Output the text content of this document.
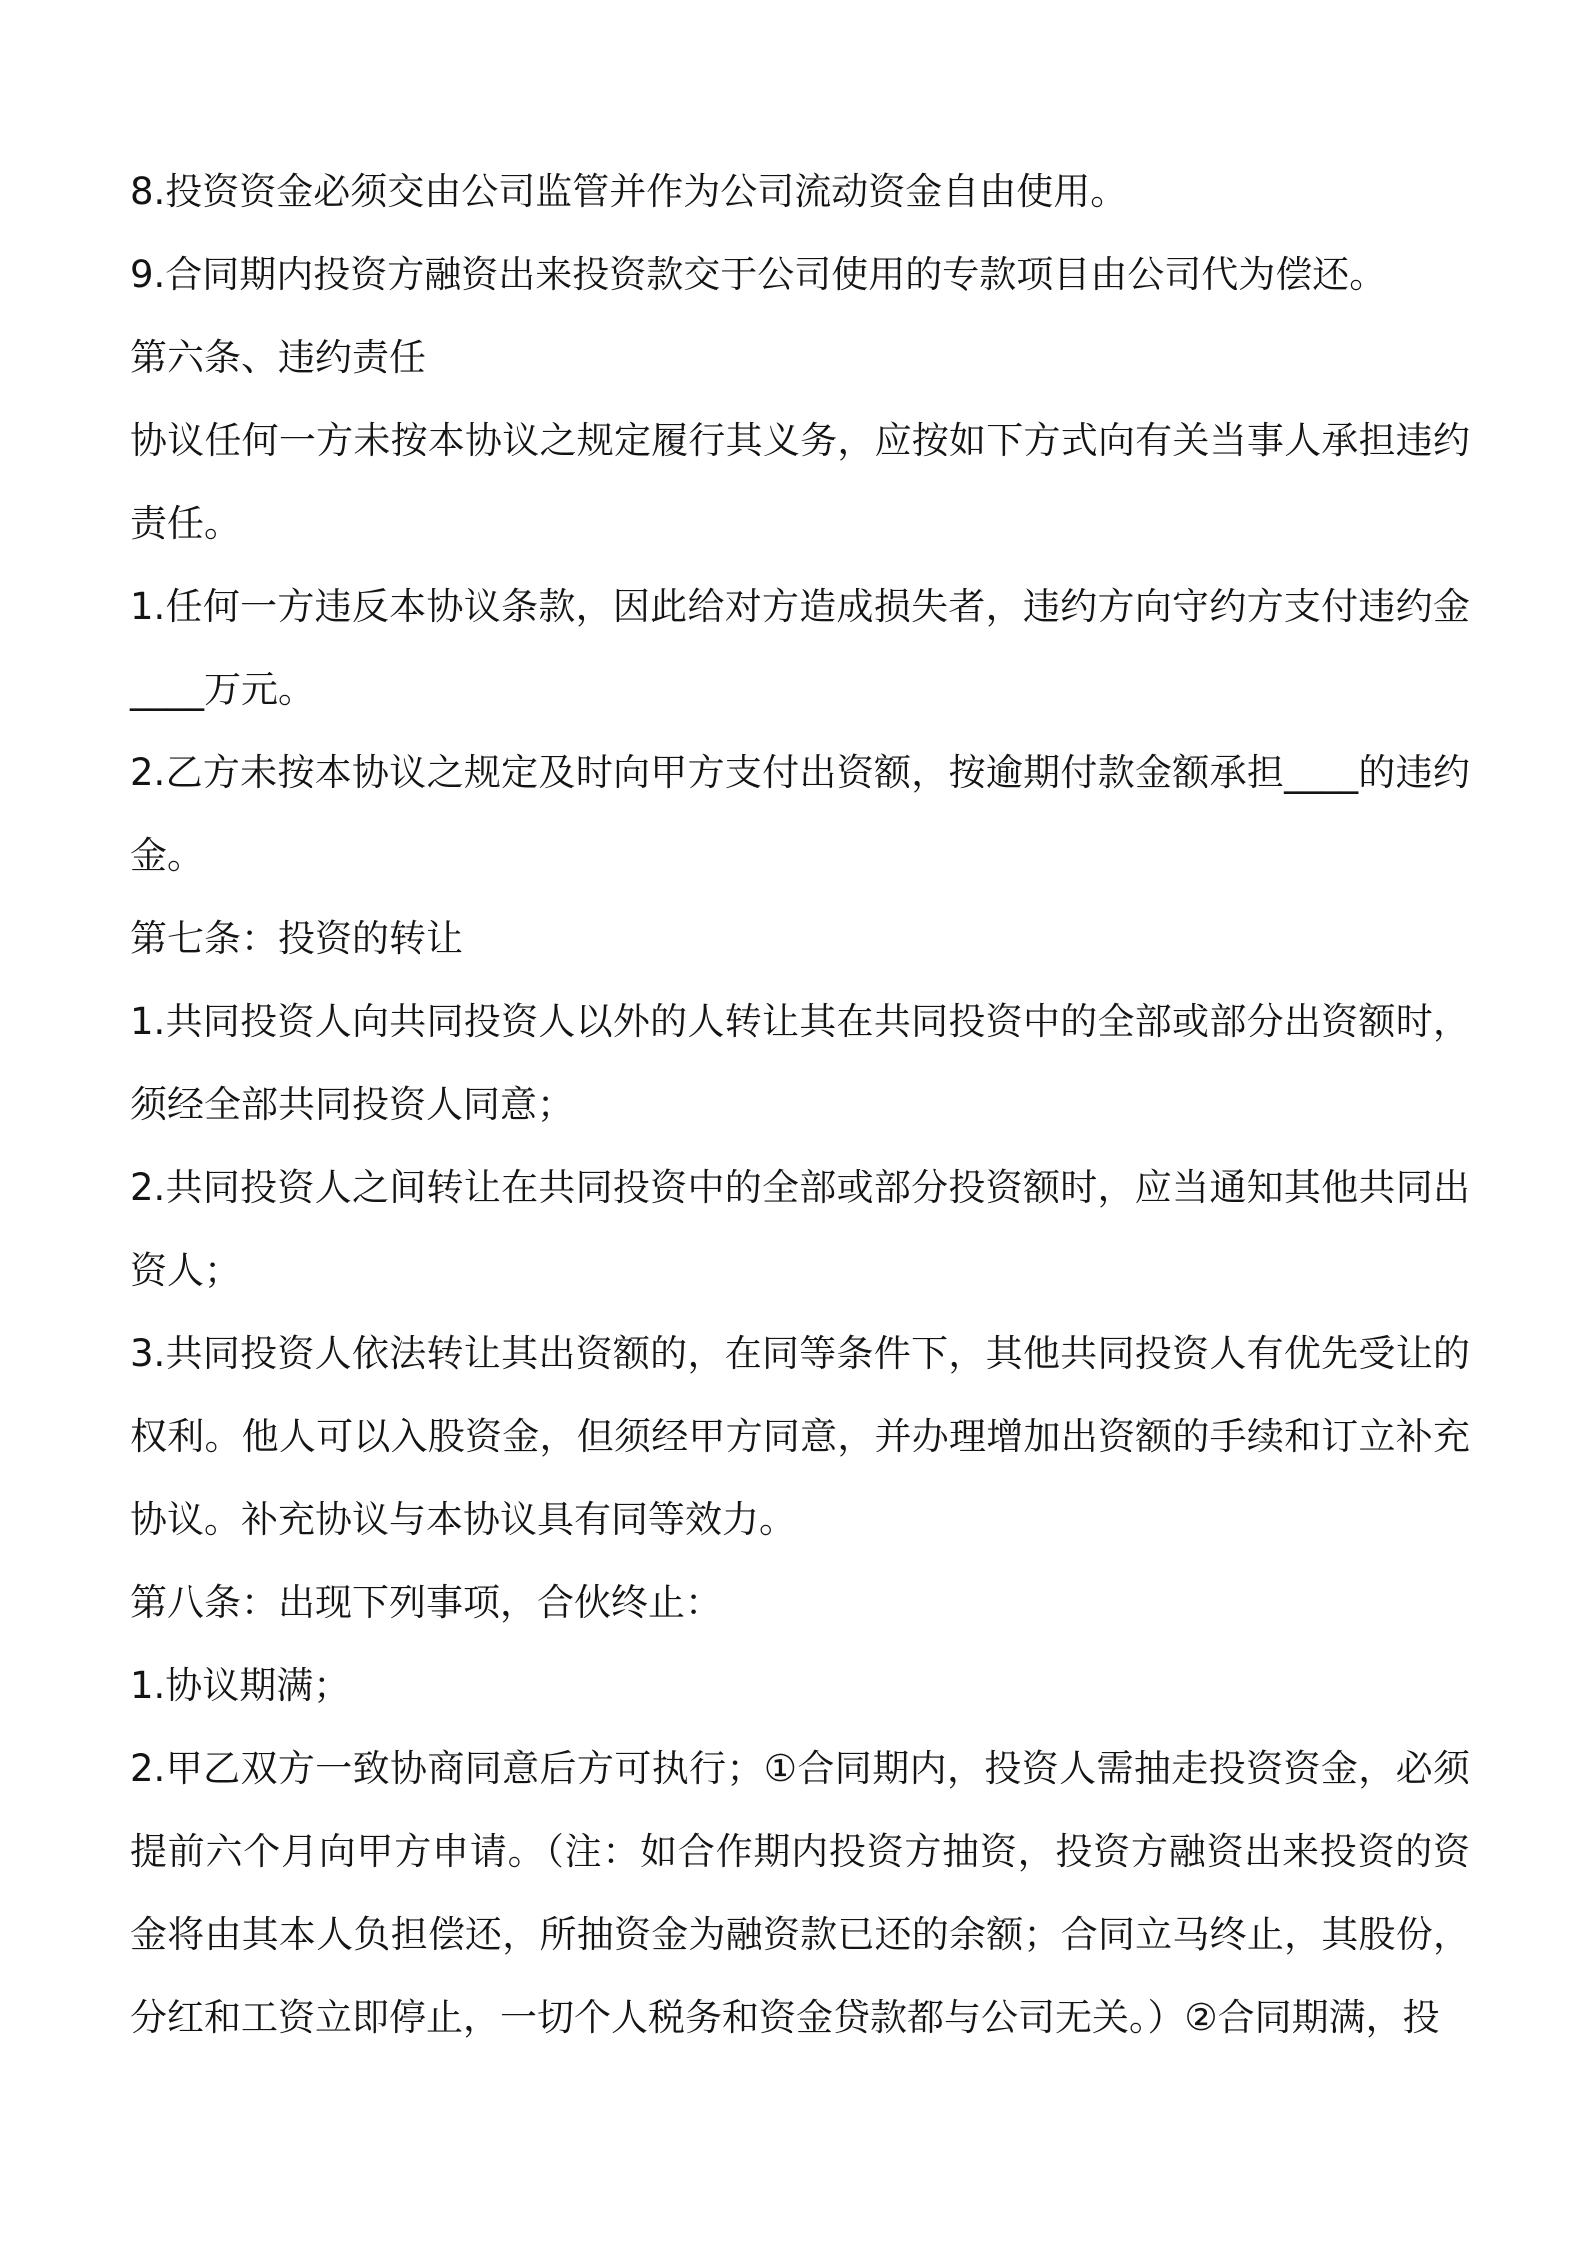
8.投资资金必须交由公司监管并作为公司流动资金自由使用。

9.合同期内投资方融资出来投资款交于公司使用的专款项目由公司代为偿还。

第六条、违约责任

协议任何一方未按本协议之规定履行其义务，应按如下方式向有关当事人承担违约责任。

1.任何一方违反本协议条款，因此给对方造成损失者，违约方向守约方支付违约金____万元。

2.乙方未按本协议之规定及时向甲方支付出资额，按逾期付款金额承担____的违约金。

第七条：投资的转让

1.共同投资人向共同投资人以外的人转让其在共同投资中的全部或部分出资额时，须经全部共同投资人同意；

2.共同投资人之间转让在共同投资中的全部或部分投资额时，应当通知其他共同出资人；

3.共同投资人依法转让其出资额的，在同等条件下，其他共同投资人有优先受让的权利。他人可以入股资金，但须经甲方同意，并办理增加出资额的手续和订立补充协议。补充协议与本协议具有同等效力。

第八条：出现下列事项，合伙终止：

1.协议期满；

2.甲乙双方一致协商同意后方可执行；①合同期内，投资人需抽走投资资金，必须提前六个月向甲方申请。（注：如合作期内投资方抽资，投资方融资出来投资的资金将由其本人负担偿还，所抽资金为融资款已还的余额；合同立马终止，其股份，分红和工资立即停止，一切个人税务和资金贷款都与公司无关。）②合同期满，投
